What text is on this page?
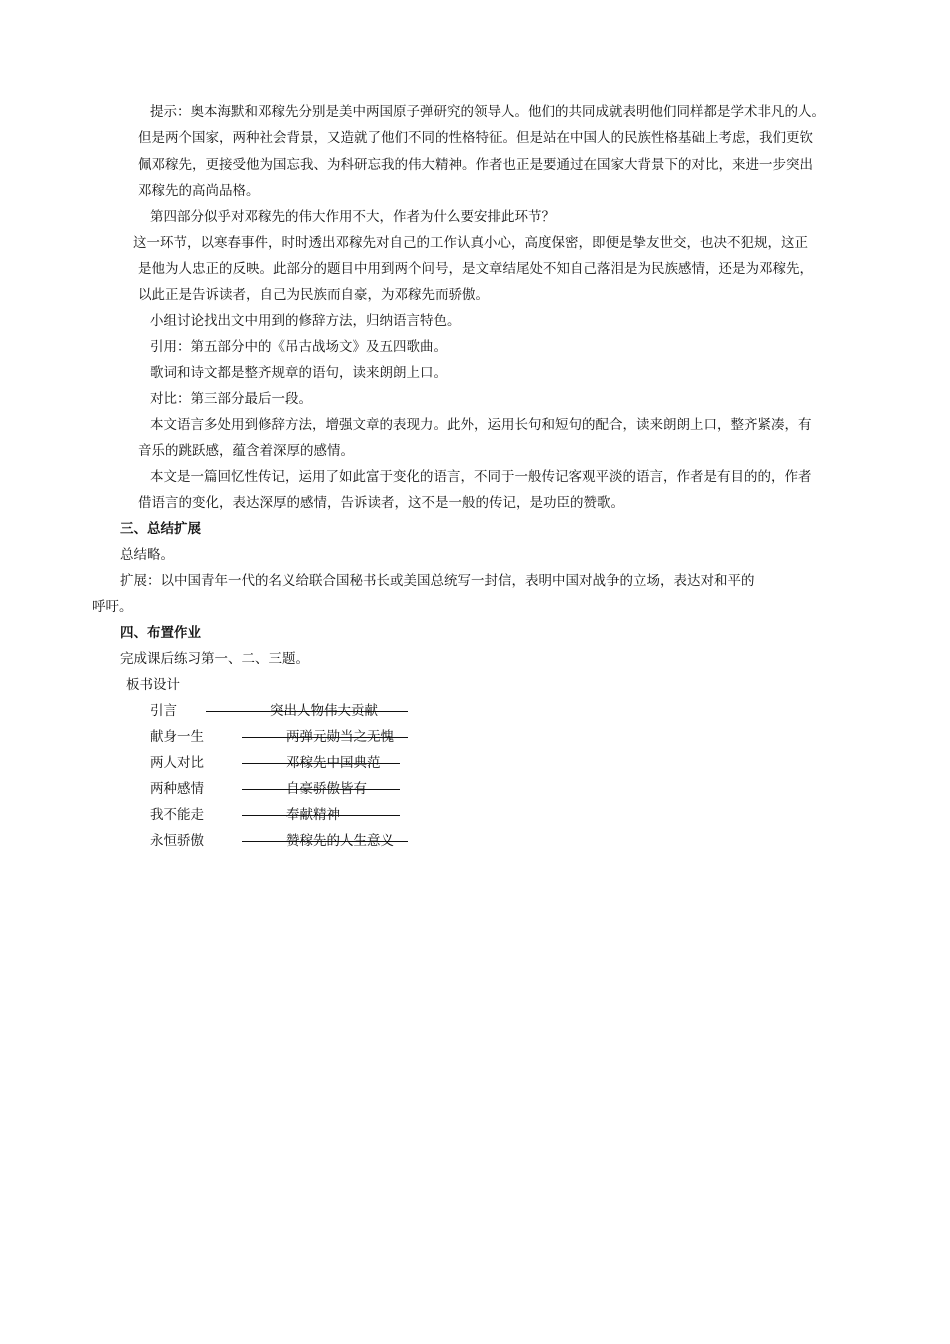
提示：奥本海默和邓稼先分别是美中两国原子弹研究的领导人。他们的共同成就表明他们同样都是学术非凡的人。
但是两个国家，两种社会背景，又造就了他们不同的性格特征。但是站在中国人的民族性格基础上考虑，我们更钦
佩邓稼先，更接受他为国忘我、为科研忘我的伟大精神。作者也正是要通过在国家大背景下的对比，来进一步突出
邓稼先的高尚品格。
第四部分似乎对邓稼先的伟大作用不大，作者为什么要安排此环节？
这一环节，以寒春事件，时时透出邓稼先对自己的工作认真小心，高度保密，即便是挚友世交，也决不犯规，这正
是他为人忠正的反映。此部分的题目中用到两个问号，是文章结尾处不知自己落泪是为民族感情，还是为邓稼先，
以此正是告诉读者，自己为民族而自豪，为邓稼先而骄傲。
小组讨论找出文中用到的修辞方法，归纳语言特色。
引用：第五部分中的《吊古战场文》及五四歌曲。
歌词和诗文都是整齐规章的语句，读来朗朗上口。
对比：第三部分最后一段。
本文语言多处用到修辞方法，增强文章的表现力。此外，运用长句和短句的配合，读来朗朗上口，整齐紧凑，有
音乐的跳跃感，蕴含着深厚的感情。
本文是一篇回忆性传记，运用了如此富于变化的语言，不同于一般传记客观平淡的语言，作者是有目的的，作者
借语言的变化，表达深厚的感情，告诉读者，这不是一般的传记，是功臣的赞歌。
三、总结扩展
总结略。
扩展：以中国青年一代的名义给联合国秘书长或美国总统写一封信，表明中国对战争的立场，表达对和平的
呼吁。
四、布置作业
完成课后练习第一、二、三题。
板书设计
引言	突出人物伟大贡献
献身一生	两弹元勋当之无愧
两人对比	邓稼先中国典范
两种感情	自豪骄傲皆有
我不能走	奉献精神
永恒骄傲	赞稼先的人生意义
